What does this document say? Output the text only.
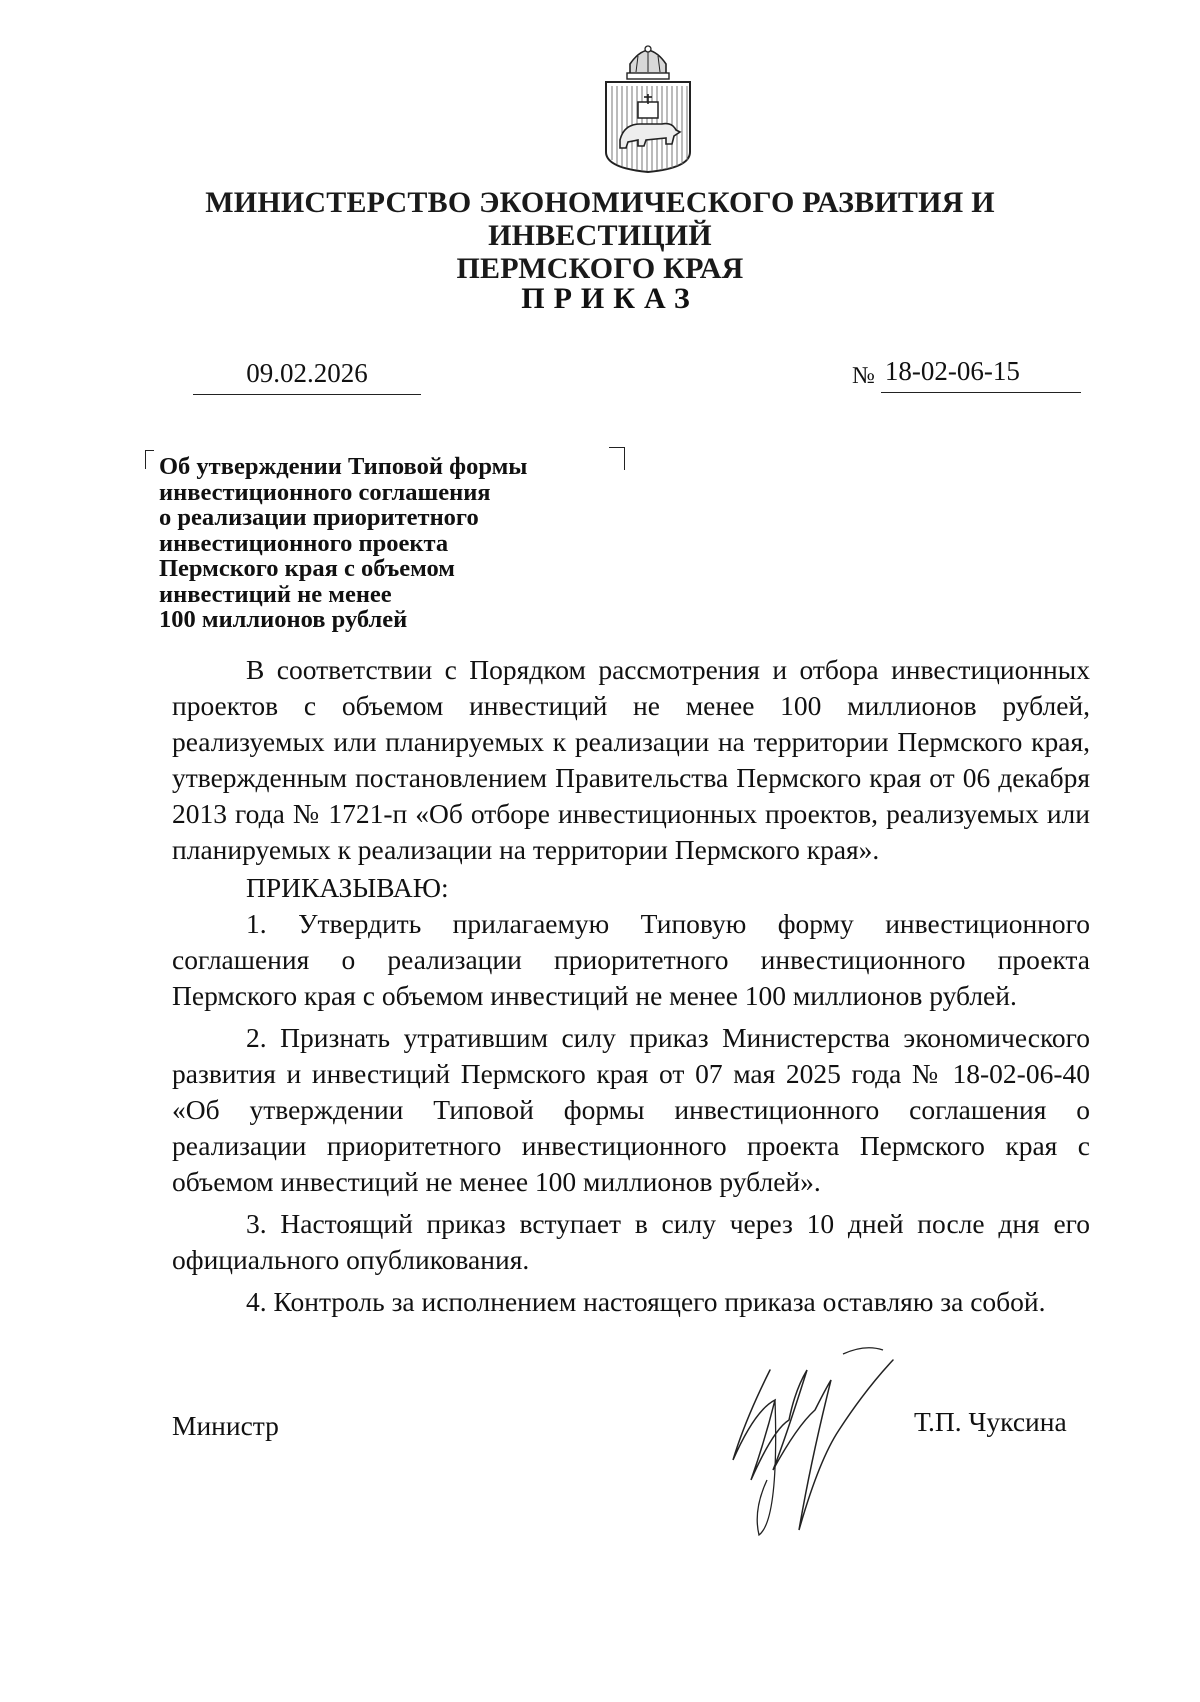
МИНИСТЕРСТВО ЭКОНОМИЧЕСКОГО РАЗВИТИЯ И ИНВЕСТИЦИЙ
ПЕРМСКОГО КРАЯ
ПРИКАЗ
09.02.2026	№ 18-02-06-15
Об утверждении Типовой формы
инвестиционного соглашения
о реализации приоритетного
инвестиционного проекта
Пермского края с объемом
инвестиций не менее
100 миллионов рублей

В соответствии с Порядком рассмотрения и отбора инвестиционных проектов с объемом инвестиций не менее 100 миллионов рублей, реализуемых или планируемых к реализации на территории Пермского края, утвержденным постановлением Правительства Пермского края от 06 декабря 2013 года № 1721-п «Об отборе инвестиционных проектов, реализуемых или планируемых к реализации на территории Пермского края».

ПРИКАЗЫВАЮ:

1. Утвердить прилагаемую Типовую форму инвестиционного соглашения о реализации приоритетного инвестиционного проекта Пермского края с объемом инвестиций не менее 100 миллионов рублей.

2. Признать утратившим силу приказ Министерства экономического развития и инвестиций Пермского края от 07 мая 2025 года № 18-02-06-40 «Об утверждении Типовой формы инвестиционного соглашения о реализации приоритетного инвестиционного проекта Пермского края с объемом инвестиций не менее 100 миллионов рублей».

3. Настоящий приказ вступает в силу через 10 дней после дня его официального опубликования.

4. Контроль за исполнением настоящего приказа оставляю за собой.

Министр	Т.П. Чуксина
